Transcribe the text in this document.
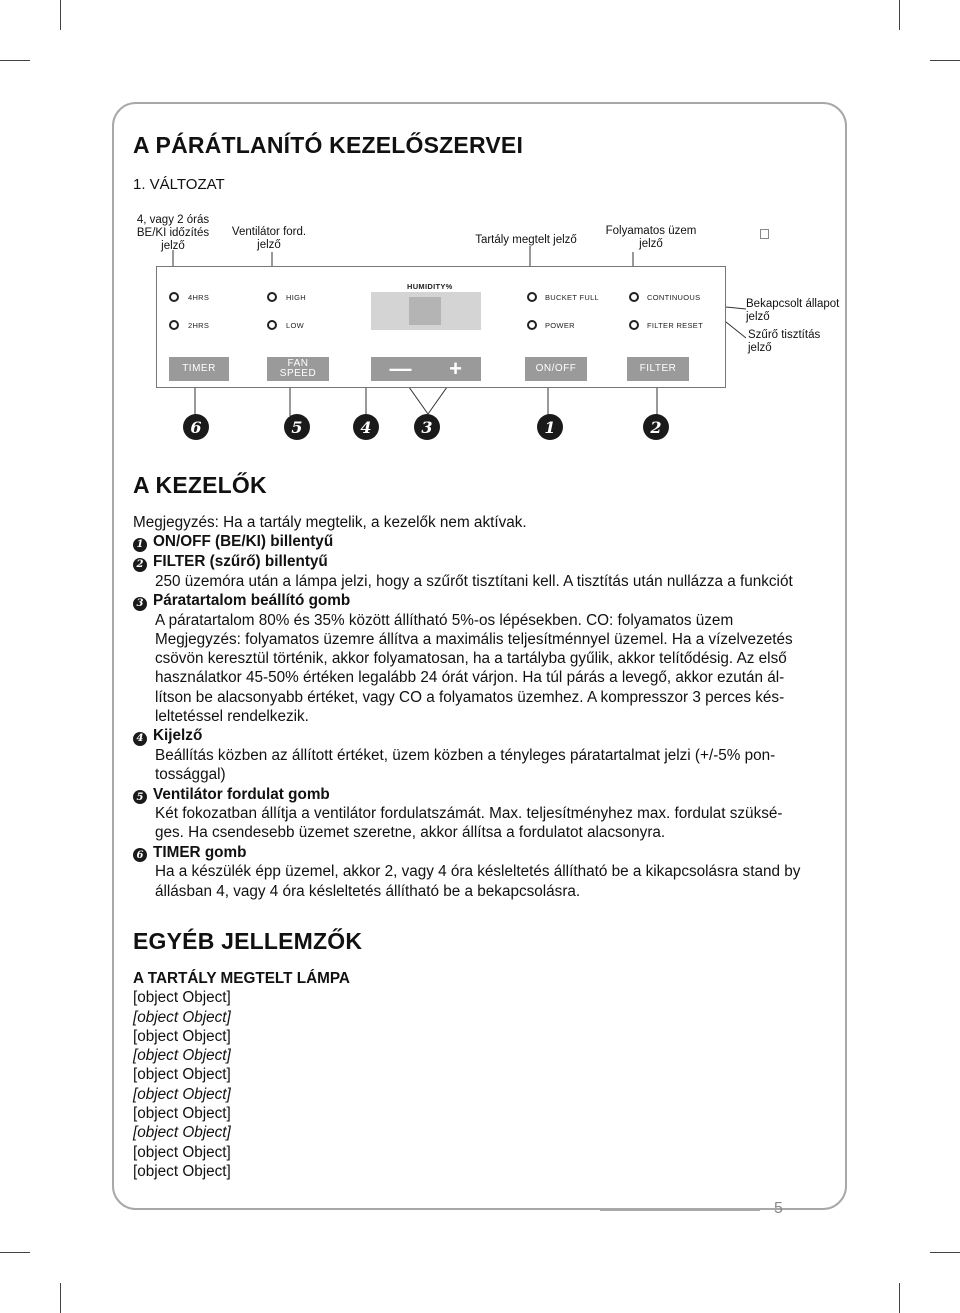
A PÁRÁTLANÍTÓ KEZELŐSZERVEI
1. VÁLTOZAT
4, vagy 2 órás
BE/KI időzítés
jelző
Ventilátor ford.
jelző	Tartály megtelt jelző
Folyamatos üzem
jelző
Bekapcsolt állapot
jelző
Szűrő tisztítás
jelző
4HRS
2HRS
HIGH
LOW
HUMIDITY%
BUCKET FULL
POWER
CONTINUOUS
FILTER RESET
TIMER	FAN
SPEED	— +	ON/OFF	FILTER
6	5	4	3	1	2
A KEZELŐK
Megjegyzés: Ha a tartály megtelik, a kezelők nem aktívak.
1 ON/OFF (BE/KI) billentyű
2 FILTER (szűrő) billentyű
250 üzemóra után a lámpa jelzi, hogy a szűrőt tisztítani kell. A tisztítás után nullázza a funkciót
3 Páratartalom beállító gomb
A páratartalom 80% és 35% között állítható 5%-os lépésekben. CO: folyamatos üzem
Megjegyzés: folyamatos üzemre állítva a maximális teljesítménnyel üzemel. Ha a vízelvezetés
csövön keresztül történik, akkor folyamatosan, ha a tartályba gyűlik, akkor telítődésig. Az első
használatkor 45-50% értéken legalább 24 órát várjon. Ha túl párás a levegő, akkor ezután ál-
lítson be alacsonyabb értéket, vagy CO a folyamatos üzemhez. A kompresszor 3 perces kés-
leltetéssel rendelkezik.
4 Kijelző
Beállítás közben az állított értéket, üzem közben a tényleges páratartalmat jelzi (+/-5% pon-
tossággal)
5 Ventilátor fordulat gomb
Két fokozatban állítja a ventilátor fordulatszámát. Max. teljesítményhez max. fordulat szüksé-
ges. Ha csendesebb üzemet szeretne, akkor állítsa a fordulatot alacsonyra.
6 TIMER gomb
Ha a készülék épp üzemel, akkor 2, vagy 4 óra késleltetés állítható be a kikapcsolásra stand by
állásban 4, vagy 4 óra késleltetés állítható be a bekapcsolásra.
EGYÉB JELLEMZŐK
A TARTÁLY MEGTELT LÁMPA
[object Object]
[object Object]
[object Object]
[object Object]
[object Object]
[object Object]
[object Object]
[object Object]
[object Object]
[object Object]
5
